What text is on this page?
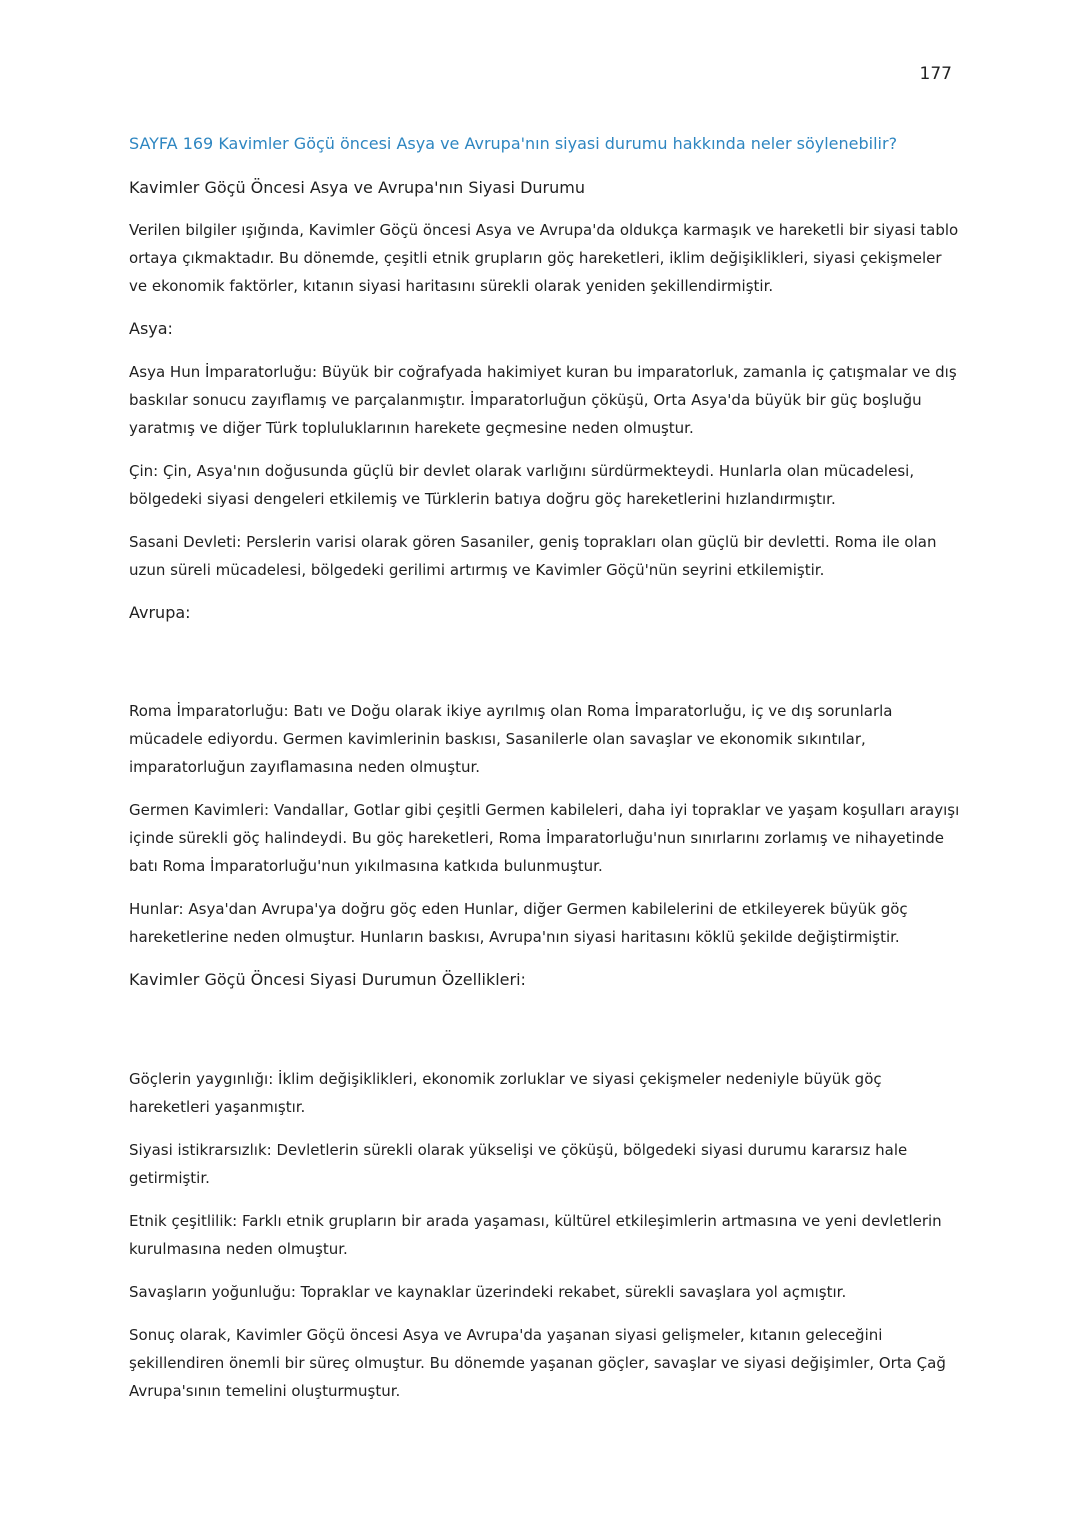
177
SAYFA 169 Kavimler Göçü öncesi Asya ve Avrupa'nın siyasi durumu hakkında neler söylenebilir?
Kavimler Göçü Öncesi Asya ve Avrupa'nın Siyasi Durumu

Verilen bilgiler ışığında, Kavimler Göçü öncesi Asya ve Avrupa'da oldukça karmaşık ve hareketli bir siyasi tablo ortaya çıkmaktadır. Bu dönemde, çeşitli etnik grupların göç hareketleri, iklim değişiklikleri, siyasi çekişmeler ve ekonomik faktörler, kıtanın siyasi haritasını sürekli olarak yeniden şekillendirmiştir.

Asya:

Asya Hun İmparatorluğu: Büyük bir coğrafyada hakimiyet kuran bu imparatorluk, zamanla iç çatışmalar ve dış baskılar sonucu zayıflamış ve parçalanmıştır. İmparatorluğun çöküşü, Orta Asya'da büyük bir güç boşluğu yaratmış ve diğer Türk topluluklarının harekete geçmesine neden olmuştur.

Çin: Çin, Asya'nın doğusunda güçlü bir devlet olarak varlığını sürdürmekteydi. Hunlarla olan mücadelesi, bölgedeki siyasi dengeleri etkilemiş ve Türklerin batıya doğru göç hareketlerini hızlandırmıştır.

Sasani Devleti: Perslerin varisi olarak gören Sasaniler, geniş toprakları olan güçlü bir devletti. Roma ile olan uzun süreli mücadelesi, bölgedeki gerilimi artırmış ve Kavimler Göçü'nün seyrini etkilemiştir.

Avrupa:

Roma İmparatorluğu: Batı ve Doğu olarak ikiye ayrılmış olan Roma İmparatorluğu, iç ve dış sorunlarla mücadele ediyordu. Germen kavimlerinin baskısı, Sasanilerle olan savaşlar ve ekonomik sıkıntılar, imparatorluğun zayıflamasına neden olmuştur.

Germen Kavimleri: Vandallar, Gotlar gibi çeşitli Germen kabileleri, daha iyi topraklar ve yaşam koşulları arayışı içinde sürekli göç halindeydi. Bu göç hareketleri, Roma İmparatorluğu'nun sınırlarını zorlamış ve nihayetinde batı Roma İmparatorluğu'nun yıkılmasına katkıda bulunmuştur.

Hunlar: Asya'dan Avrupa'ya doğru göç eden Hunlar, diğer Germen kabilelerini de etkileyerek büyük göç hareketlerine neden olmuştur. Hunların baskısı, Avrupa'nın siyasi haritasını köklü şekilde değiştirmiştir.

Kavimler Göçü Öncesi Siyasi Durumun Özellikleri:

Göçlerin yaygınlığı: İklim değişiklikleri, ekonomik zorluklar ve siyasi çekişmeler nedeniyle büyük göç hareketleri yaşanmıştır.

Siyasi istikrarsızlık: Devletlerin sürekli olarak yükselişi ve çöküşü, bölgedeki siyasi durumu kararsız hale getirmiştir.

Etnik çeşitlilik: Farklı etnik grupların bir arada yaşaması, kültürel etkileşimlerin artmasına ve yeni devletlerin kurulmasına neden olmuştur.

Savaşların yoğunluğu: Topraklar ve kaynaklar üzerindeki rekabet, sürekli savaşlara yol açmıştır.

Sonuç olarak, Kavimler Göçü öncesi Asya ve Avrupa'da yaşanan siyasi gelişmeler, kıtanın geleceğini şekillendiren önemli bir süreç olmuştur. Bu dönemde yaşanan göçler, savaşlar ve siyasi değişimler, Orta Çağ Avrupa'sının temelini oluşturmuştur.
